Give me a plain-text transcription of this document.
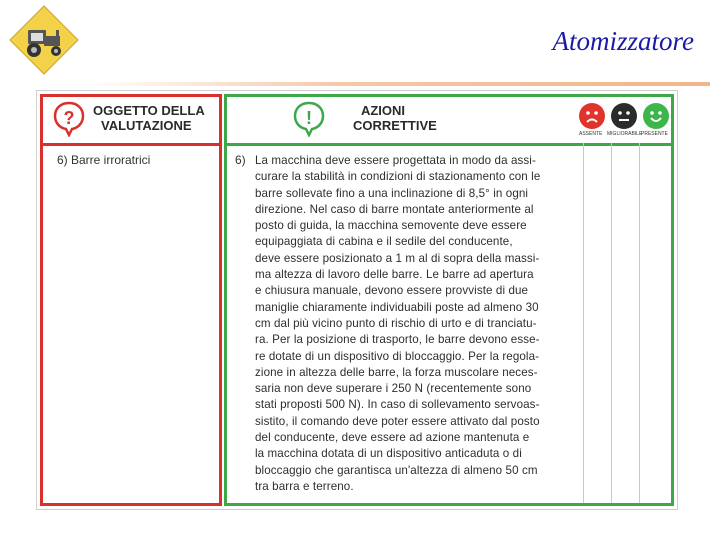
Atomizzatore
? OGGETTO DELLA
VALUTAZIONE
6) Barre irroratrici
!	AZIONI
CORRETTIVE
ASSENTE MIGLIORABILE
PRESENTE
6) La macchina deve essere progettata in modo da assi-
curare la stabilità in condizioni di stazionamento con le
barre sollevate fino a una inclinazione di 8,5° in ogni
direzione. Nel caso di barre montate anteriormente al
posto di guida, la macchina semovente deve essere
equipaggiata di cabina e il sedile del conducente,
deve essere posizionato a 1 m al di sopra della massi-
ma altezza di lavoro delle barre. Le barre ad apertura
e chiusura manuale, devono essere provviste di due
maniglie chiaramente individuabili poste ad almeno 30
cm dal più vicino punto di rischio di urto e di tranciatu-
ra. Per la posizione di trasporto, le barre devono esse-
re dotate di un dispositivo di bloccaggio. Per la regola-
zione in altezza delle barre, la forza muscolare neces-
saria non deve superare i 250 N (recentemente sono
stati proposti 500 N). In caso di sollevamento servoas-
sistito, il comando deve poter essere attivato dal posto
del conducente, deve essere ad azione mantenuta e
la macchina dotata di un dispositivo anticaduta o di
bloccaggio che garantisca un'altezza di almeno 50 cm
tra barra e terreno.
